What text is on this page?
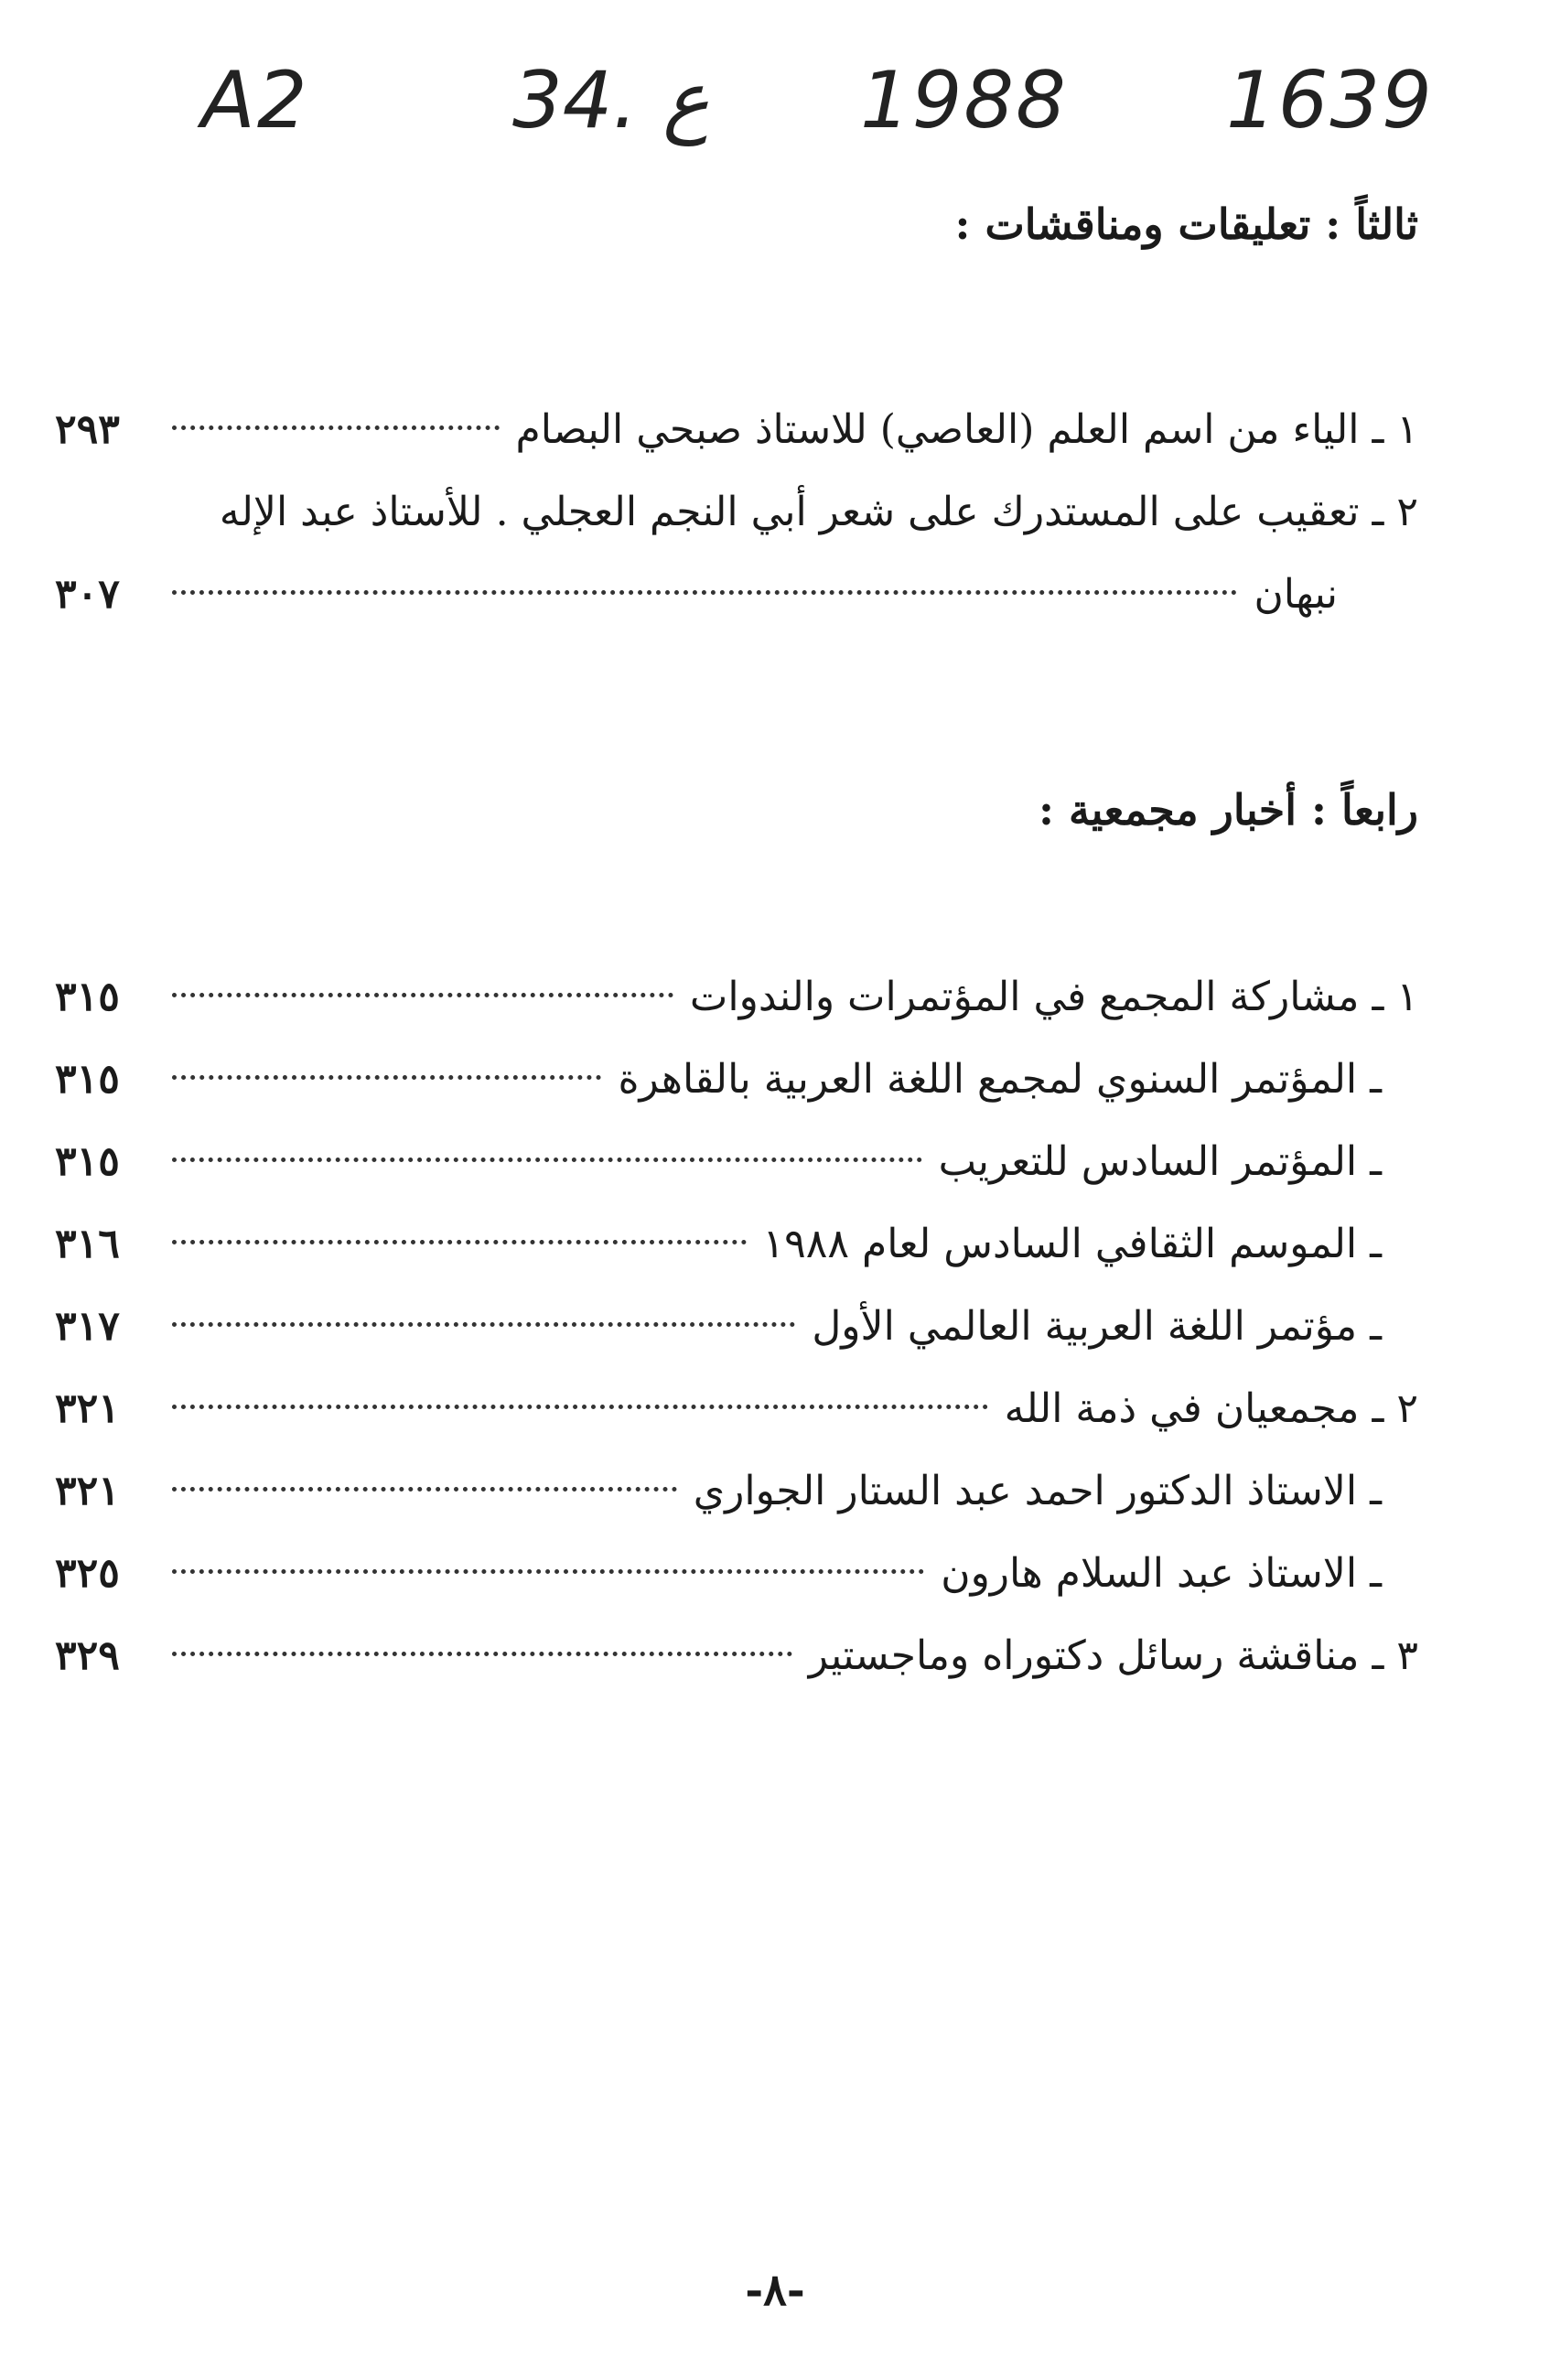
A2	34. ع 1988 1639
ثالثاً : تعليقات ومناقشات :
١
ـ
الياء من اسم العلم (العاصي) للاستاذ صبحي البصام
٢٩٣
٢
ـ
تعقيب على المستدرك على شعر أبي النجم العجلي . للأستاذ عبد الإله
نبهان
٣٠٧
رابعاً : أخبار مجمعية :
١
ـ
مشاركة المجمع في المؤتمرات والندوات
٣١٥
ـ
المؤتمر السنوي لمجمع اللغة العربية بالقاهرة
٣١٥
ـ
المؤتمر السادس للتعريب
٣١٥
ـ
الموسم الثقافي السادس لعام ١٩٨٨
٣١٦
ـ
مؤتمر اللغة العربية العالمي الأول
٣١٧
٢
ـ
مجمعيان في ذمة الله
٣٢١
ـ
الاستاذ الدكتور احمد عبد الستار الجواري
٣٢١
ـ
الاستاذ عبد السلام هارون
٣٢٥
٣
ـ
مناقشة رسائل دكتوراه وماجستير
٣٢٩
-٨-
